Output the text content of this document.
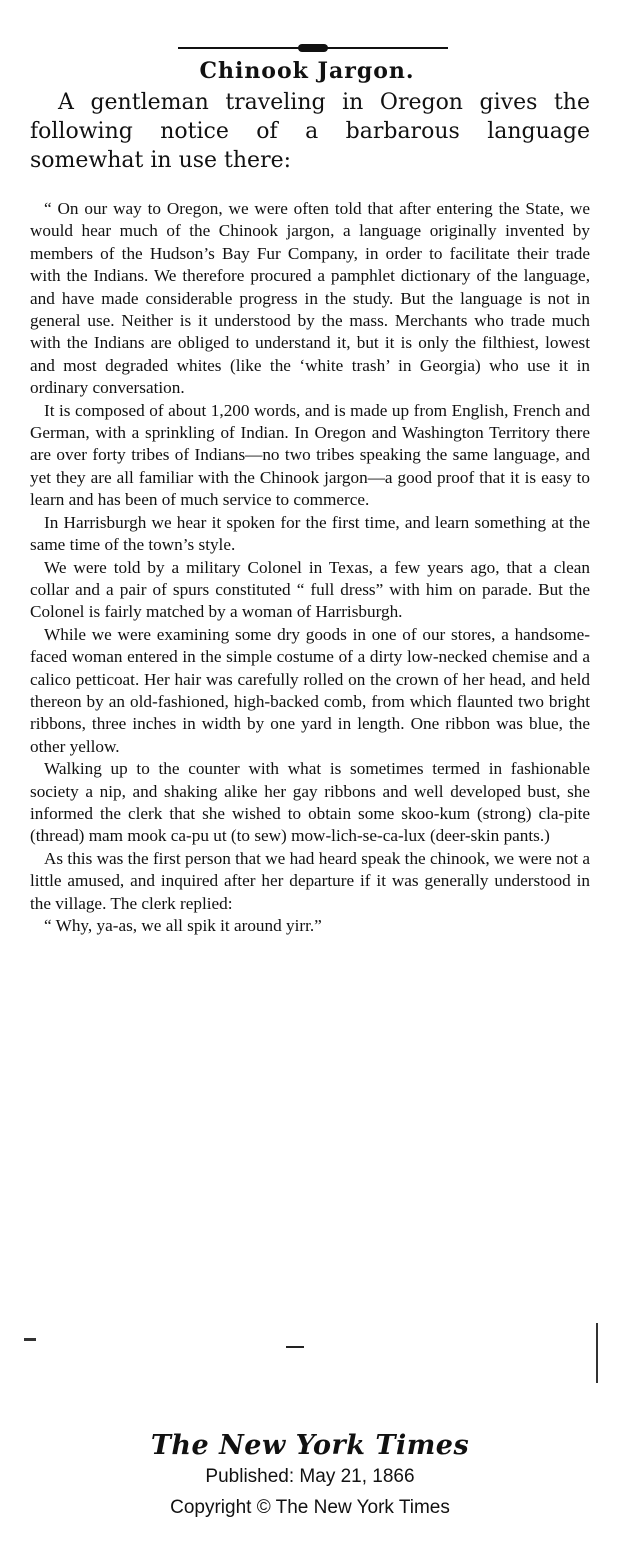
Chinook Jargon.
A gentleman traveling in Oregon gives the following notice of a barbarous language somewhat in use there:

“ On our way to Oregon, we were often told that after entering the State, we would hear much of the Chinook jargon, a language originally invented by members of the Hudson’s Bay Fur Company, in order to facilitate their trade with the Indians. We therefore procured a pamphlet dictionary of the language, and have made considerable progress in the study. But the language is not in general use. Neither is it understood by the mass. Merchants who trade much with the Indians are obliged to understand it, but it is only the filthiest, lowest and most degraded whites (like the ‘white trash’ in Georgia) who use it in ordinary conversation.

It is composed of about 1,200 words, and is made up from English, French and German, with a sprinkling of Indian. In Oregon and Washington Territory there are over forty tribes of Indians—no two tribes speaking the same language, and yet they are all familiar with the Chinook jargon—a good proof that it is easy to learn and has been of much service to commerce.

In Harrisburgh we hear it spoken for the first time, and learn something at the same time of the town’s style.

We were told by a military Colonel in Texas, a few years ago, that a clean collar and a pair of spurs constituted “ full dress” with him on parade. But the Colonel is fairly matched by a woman of Harrisburgh.

While we were examining some dry goods in one of our stores, a handsome-faced woman entered in the simple costume of a dirty low-necked chemise and a calico petticoat. Her hair was carefully rolled on the crown of her head, and held thereon by an old-fashioned, high-backed comb, from which flaunted two bright ribbons, three inches in width by one yard in length. One ribbon was blue, the other yellow.

Walking up to the counter with what is sometimes termed in fashionable society a nip, and shaking alike her gay ribbons and well developed bust, she informed the clerk that she wished to obtain some skoo-kum (strong) cla-pite (thread) mam mook ca-pu ut (to sew) mow-lich-se-ca-lux (deer-skin pants.)

As this was the first person that we had heard speak the chinook, we were not a little amused, and inquired after her departure if it was generally understood in the village. The clerk replied:

“ Why, ya-as, we all spik it around yirr.”

The New York Times
Published: May 21, 1866
Copyright © The New York Times
